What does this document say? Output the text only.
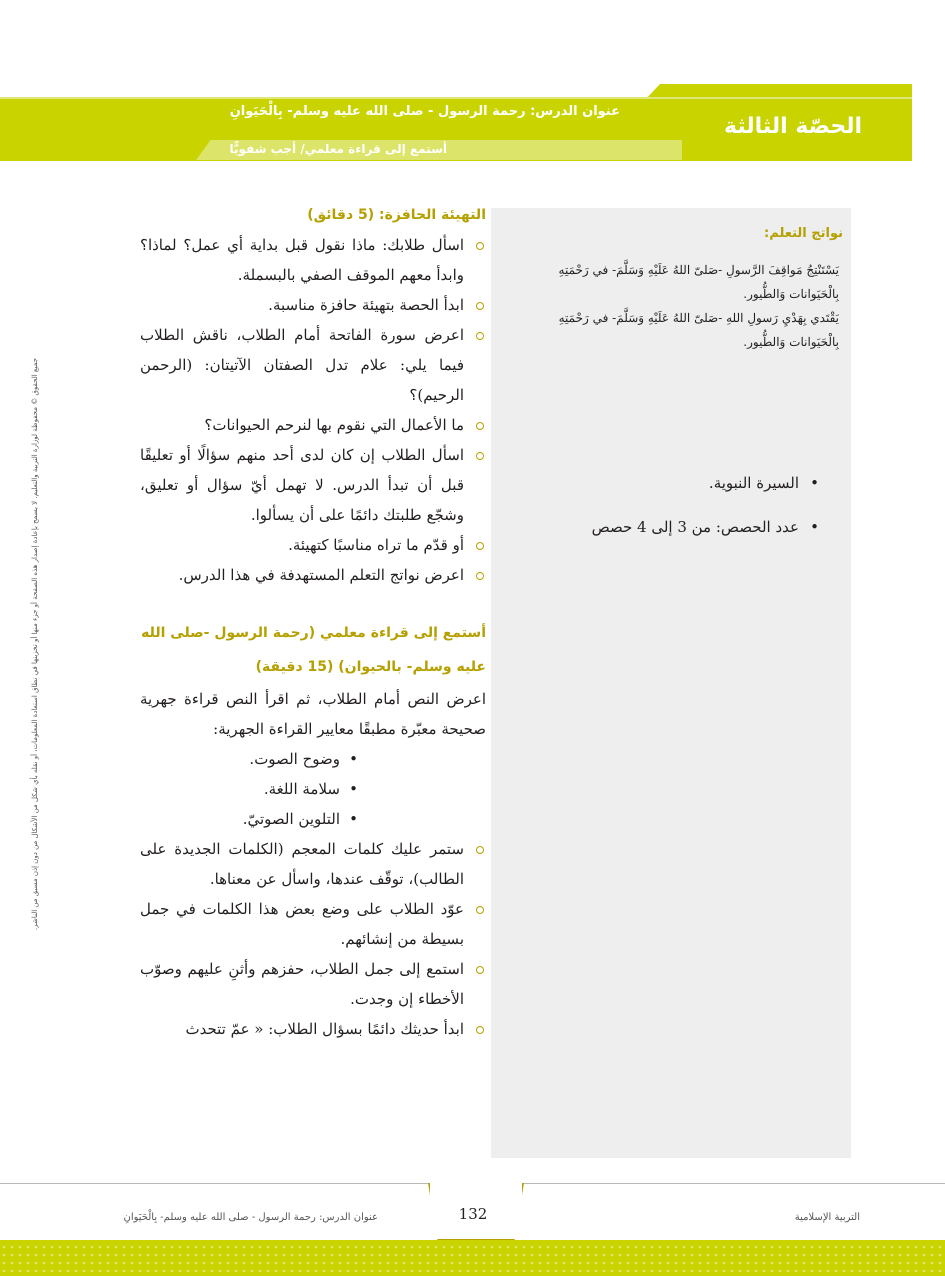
عنوان الدرس: رحمة الرسول - صلى الله عليه وسلم- بِالْحَيَوانِ
الحصّة الثالثة
أستمع إلى قراءة معلمي/ أجب شفويًّا
نواتج التعلم:

يَسْتَنْتِجُ مَواقِفَ الرَّسولِ -صَلىّ اللهُ عَلَيْهِ وَسَلَّمَ- في رَحْمَتِهِ بِالْحَيَوانات وَالطُّيور.

يَقْتَدي بِهَدْيِ رَسولِ اللهِ -صَلىّ اللهُ عَلَيْهِ وَسَلَّمَ- في رَحْمَتِهِ بِالْحَيَوانات وَالطُّيور.

• السيرة النبوية.
• عدد الحصص: من 3 إلى 4 حصص

التهيئة الحافزة: (5 دقائق)

اسأل طلابك: ماذا نقول قبل بداية أي عمل؟ لماذا؟ وابدأ معهم الموقف الصفي بالبسملة.
ابدأ الحصة بتهيئة حافزة مناسبة.
اعرض سورة الفاتحة أمام الطلاب، ناقش الطلاب فيما يلي: علام تدل الصفتان الآتيتان: (الرحمن الرحيم)؟
ما الأعمال التي نقوم بها لنرحم الحيوانات؟
اسأل الطلاب إن كان لدى أحد منهم سؤالًا أو تعليقًا قبل أن تبدأ الدرس. لا تهمل أيّ سؤال أو تعليق، وشجّع طلبتك دائمًا على أن يسألوا.
أو قدّم ما تراه مناسبًا كتهيئة.
اعرض نواتج التعلم المستهدفة في هذا الدرس.

أستمع إلى قراءة معلمي (رحمة الرسول -صلى الله عليه وسلم- بالحيوان) (15 دقيقة)

اعرض النص أمام الطلاب، ثم اقرأ النص قراءة جهرية صحيحة معبّرة مطبقًا معايير القراءة الجهرية:

• وضوح الصوت.
• سلامة اللغة.
• التلوين الصوتيّ.
ستمر عليك كلمات المعجم (الكلمات الجديدة على الطالب)، توقّف عندها، واسأل عن معناها.
عوّد الطلاب على وضع بعض هذا الكلمات في جمل بسيطة من إنشائهم.
استمع إلى جمل الطلاب، حفزهم وأثنِ عليهم وصوّب الأخطاء إن وجدت.
ابدأ حديثك دائمًا بسؤال الطلاب: « عمّ تتحدث
جميع الحقوق © محفوظة لوزارة التربية والتعليم. لا يسمح بإعادة إصدار هذه الصفحة أو جزء منها أو تخزينها في نطاق استعادة المعلومات، أو نقله بأي شكل من الأشكال من دون إذن مسبق من الناشر.
132	التربية الإسلامية
عنوان الدرس: رحمة الرسول - صلى الله عليه وسلم- بِالْحَيَوانِ
